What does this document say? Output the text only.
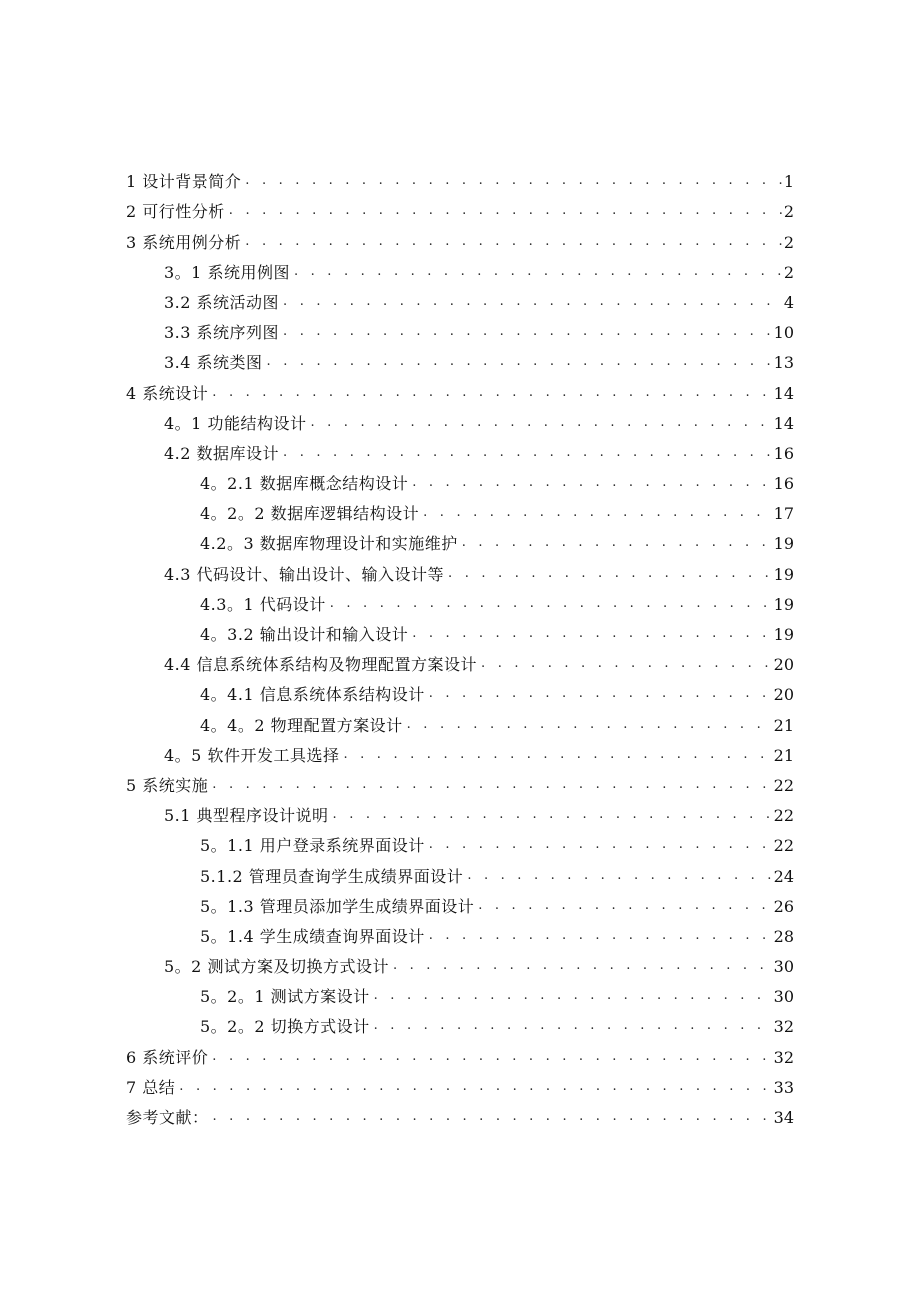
1 设计背景简介 . . .	1
2 可行性分析 . . .	2
3 系统用例分析 . . .	2
3。1 系统用例图 . . .	2
3.2 系统活动图 . . .	4
3.3 系统序列图 . . .	10
3.4 系统类图 . . .	13
4 系统设计 . . .	14
4。1 功能结构设计 . . .	14
4.2 数据库设计 . . .	16
4。2.1 数据库概念结构设计 . . .	16
4。2。2 数据库逻辑结构设计 . . .	17
4.2。3 数据库物理设计和实施维护 . . .	19
4.3 代码设计、输出设计、输入设计等 . . .	19
4.3。1 代码设计 . . .	19
4。3.2 输出设计和输入设计 . . .	19
4.4 信息系统体系结构及物理配置方案设计 . . .	20
4。4.1 信息系统体系结构设计 . . .	20
4。4。2 物理配置方案设计 . . .	21
4。5 软件开发工具选择 . . .	21
5 系统实施 . . .	22
5.1 典型程序设计说明 . . .	22
5。1.1 用户登录系统界面设计 . . .	22
5.1.2 管理员查询学生成绩界面设计 . . .	24
5。1.3 管理员添加学生成绩界面设计 . . .	26
5。1.4 学生成绩查询界面设计 . . .	28
5。2 测试方案及切换方式设计 . . .	30
5。2。1 测试方案设计 . . .	30
5。2。2 切换方式设计 . . .	32
6 系统评价 . . .	32
7 总结 . . .	33
参考文献： . . .	34
